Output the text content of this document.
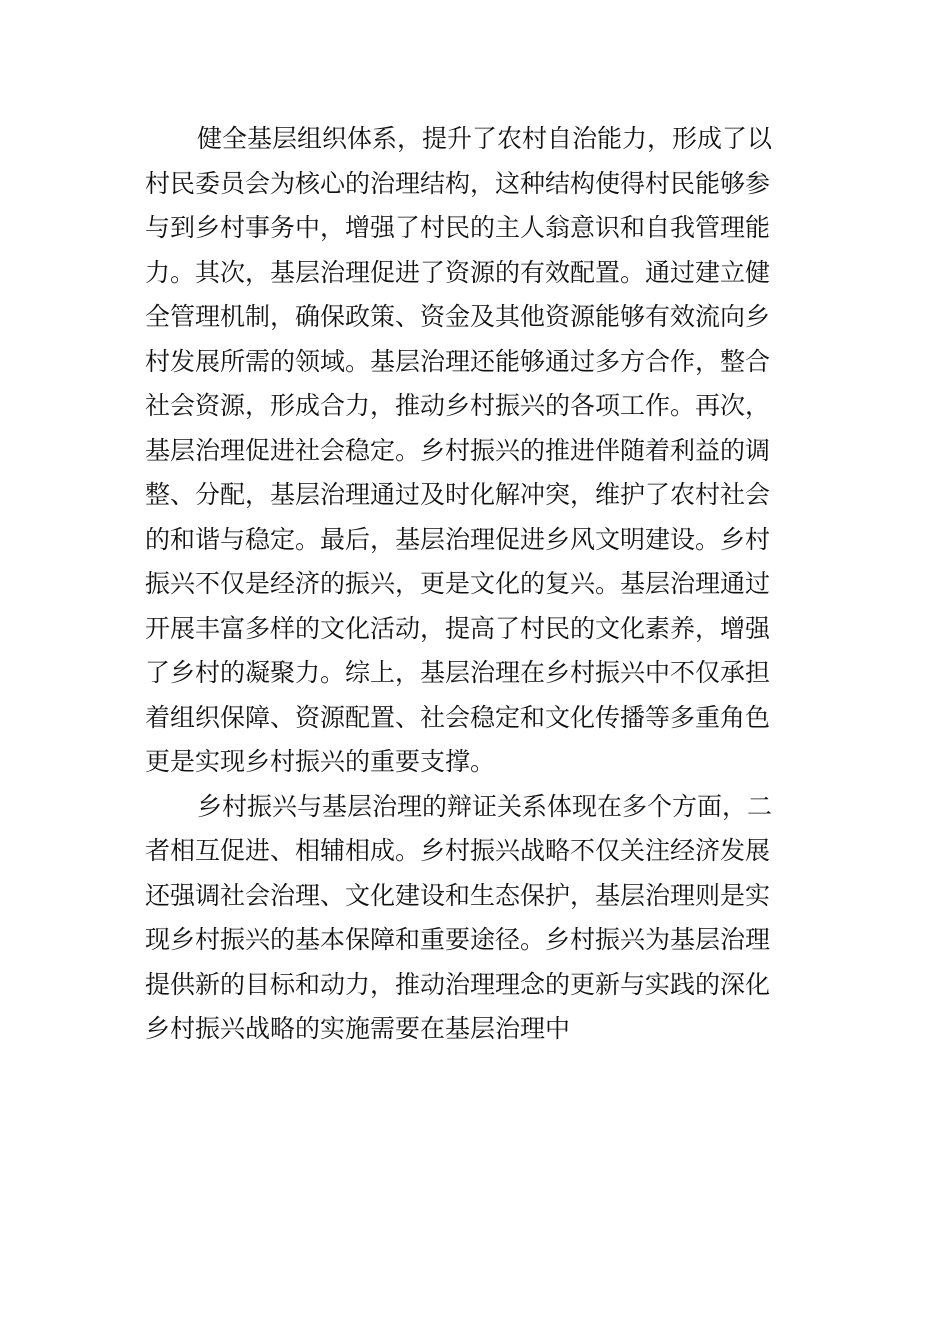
健全基层组织体系，提升了农村自治能力，形成了以
村民委员会为核心的治理结构，这种结构使得村民能够参
与到乡村事务中，增强了村民的主人翁意识和自我管理能
力。其次，基层治理促进了资源的有效配置。通过建立健
全管理机制，确保政策、资金及其他资源能够有效流向乡
村发展所需的领域。基层治理还能够通过多方合作，整合
社会资源，形成合力，推动乡村振兴的各项工作。再次，
基层治理促进社会稳定。乡村振兴的推进伴随着利益的调
整、分配，基层治理通过及时化解冲突，维护了农村社会
的和谐与稳定。最后，基层治理促进乡风文明建设。乡村
振兴不仅是经济的振兴，更是文化的复兴。基层治理通过
开展丰富多样的文化活动，提高了村民的文化素养，增强
了乡村的凝聚力。综上，基层治理在乡村振兴中不仅承担
着组织保障、资源配置、社会稳定和文化传播等多重角色
更是实现乡村振兴的重要支撑。
乡村振兴与基层治理的辩证关系体现在多个方面，二
者相互促进、相辅相成。乡村振兴战略不仅关注经济发展
还强调社会治理、文化建设和生态保护，基层治理则是实
现乡村振兴的基本保障和重要途径。乡村振兴为基层治理
提供新的目标和动力，推动治理理念的更新与实践的深化
乡村振兴战略的实施需要在基层治理中
